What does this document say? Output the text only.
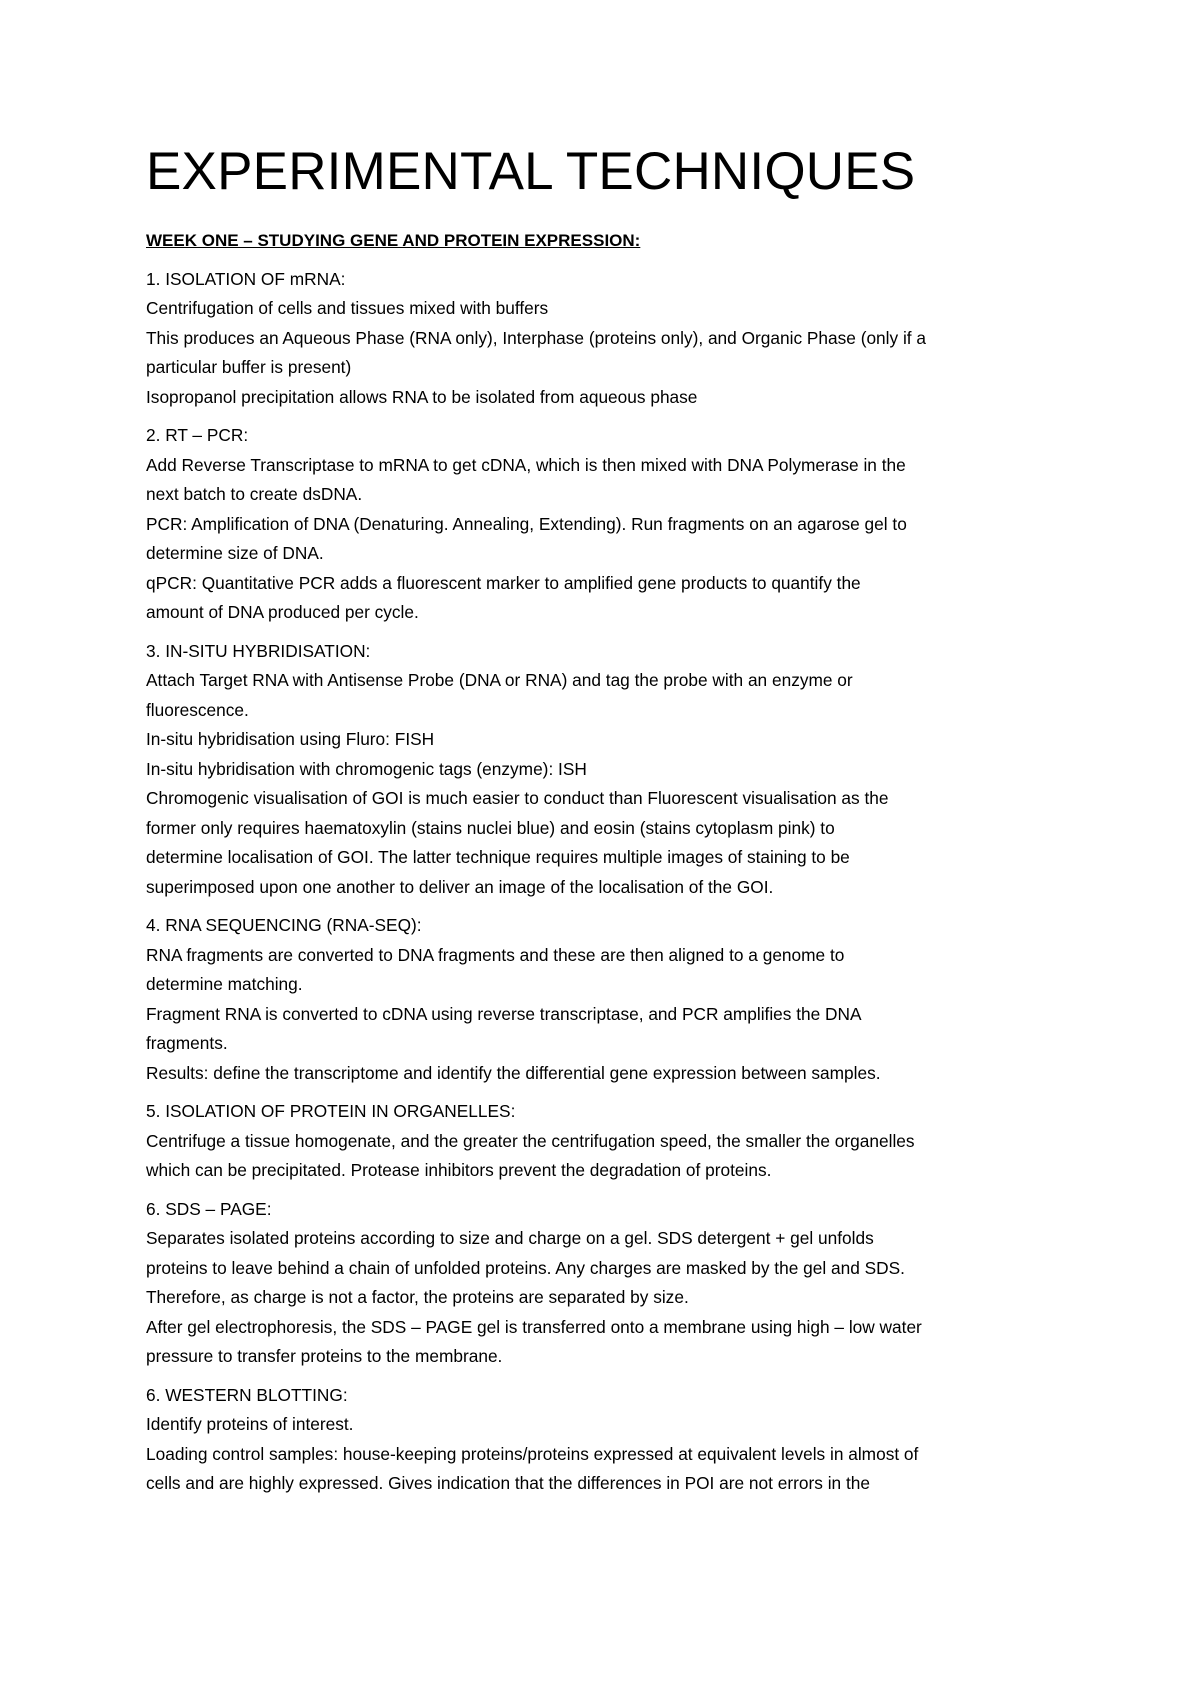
EXPERIMENTAL TECHNIQUES
WEEK ONE – STUDYING GENE AND PROTEIN EXPRESSION:
1. ISOLATION OF mRNA:
Centrifugation of cells and tissues mixed with buffers
This produces an Aqueous Phase (RNA only), Interphase (proteins only), and Organic Phase (only if a
particular buffer is present)
Isopropanol precipitation allows RNA to be isolated from aqueous phase
2. RT – PCR:
Add Reverse Transcriptase to mRNA to get cDNA, which is then mixed with DNA Polymerase in the
next batch to create dsDNA.
PCR: Amplification of DNA (Denaturing. Annealing, Extending). Run fragments on an agarose gel to
determine size of DNA.
qPCR: Quantitative PCR adds a fluorescent marker to amplified gene products to quantify the
amount of DNA produced per cycle.
3. IN-SITU HYBRIDISATION:
Attach Target RNA with Antisense Probe (DNA or RNA) and tag the probe with an enzyme or
fluorescence.
In-situ hybridisation using Fluro: FISH
In-situ hybridisation with chromogenic tags (enzyme): ISH
Chromogenic visualisation of GOI is much easier to conduct than Fluorescent visualisation as the
former only requires haematoxylin (stains nuclei blue) and eosin (stains cytoplasm pink) to
determine localisation of GOI. The latter technique requires multiple images of staining to be
superimposed upon one another to deliver an image of the localisation of the GOI.
4. RNA SEQUENCING (RNA-SEQ):
RNA fragments are converted to DNA fragments and these are then aligned to a genome to
determine matching.
Fragment RNA is converted to cDNA using reverse transcriptase, and PCR amplifies the DNA
fragments.
Results: define the transcriptome and identify the differential gene expression between samples.
5. ISOLATION OF PROTEIN IN ORGANELLES:
Centrifuge a tissue homogenate, and the greater the centrifugation speed, the smaller the organelles
which can be precipitated. Protease inhibitors prevent the degradation of proteins.
6. SDS – PAGE:
Separates isolated proteins according to size and charge on a gel. SDS detergent + gel unfolds
proteins to leave behind a chain of unfolded proteins. Any charges are masked by the gel and SDS.
Therefore, as charge is not a factor, the proteins are separated by size.
After gel electrophoresis, the SDS – PAGE gel is transferred onto a membrane using high – low water
pressure to transfer proteins to the membrane.
6. WESTERN BLOTTING:
Identify proteins of interest.
Loading control samples: house-keeping proteins/proteins expressed at equivalent levels in almost of
cells and are highly expressed. Gives indication that the differences in POI are not errors in the
